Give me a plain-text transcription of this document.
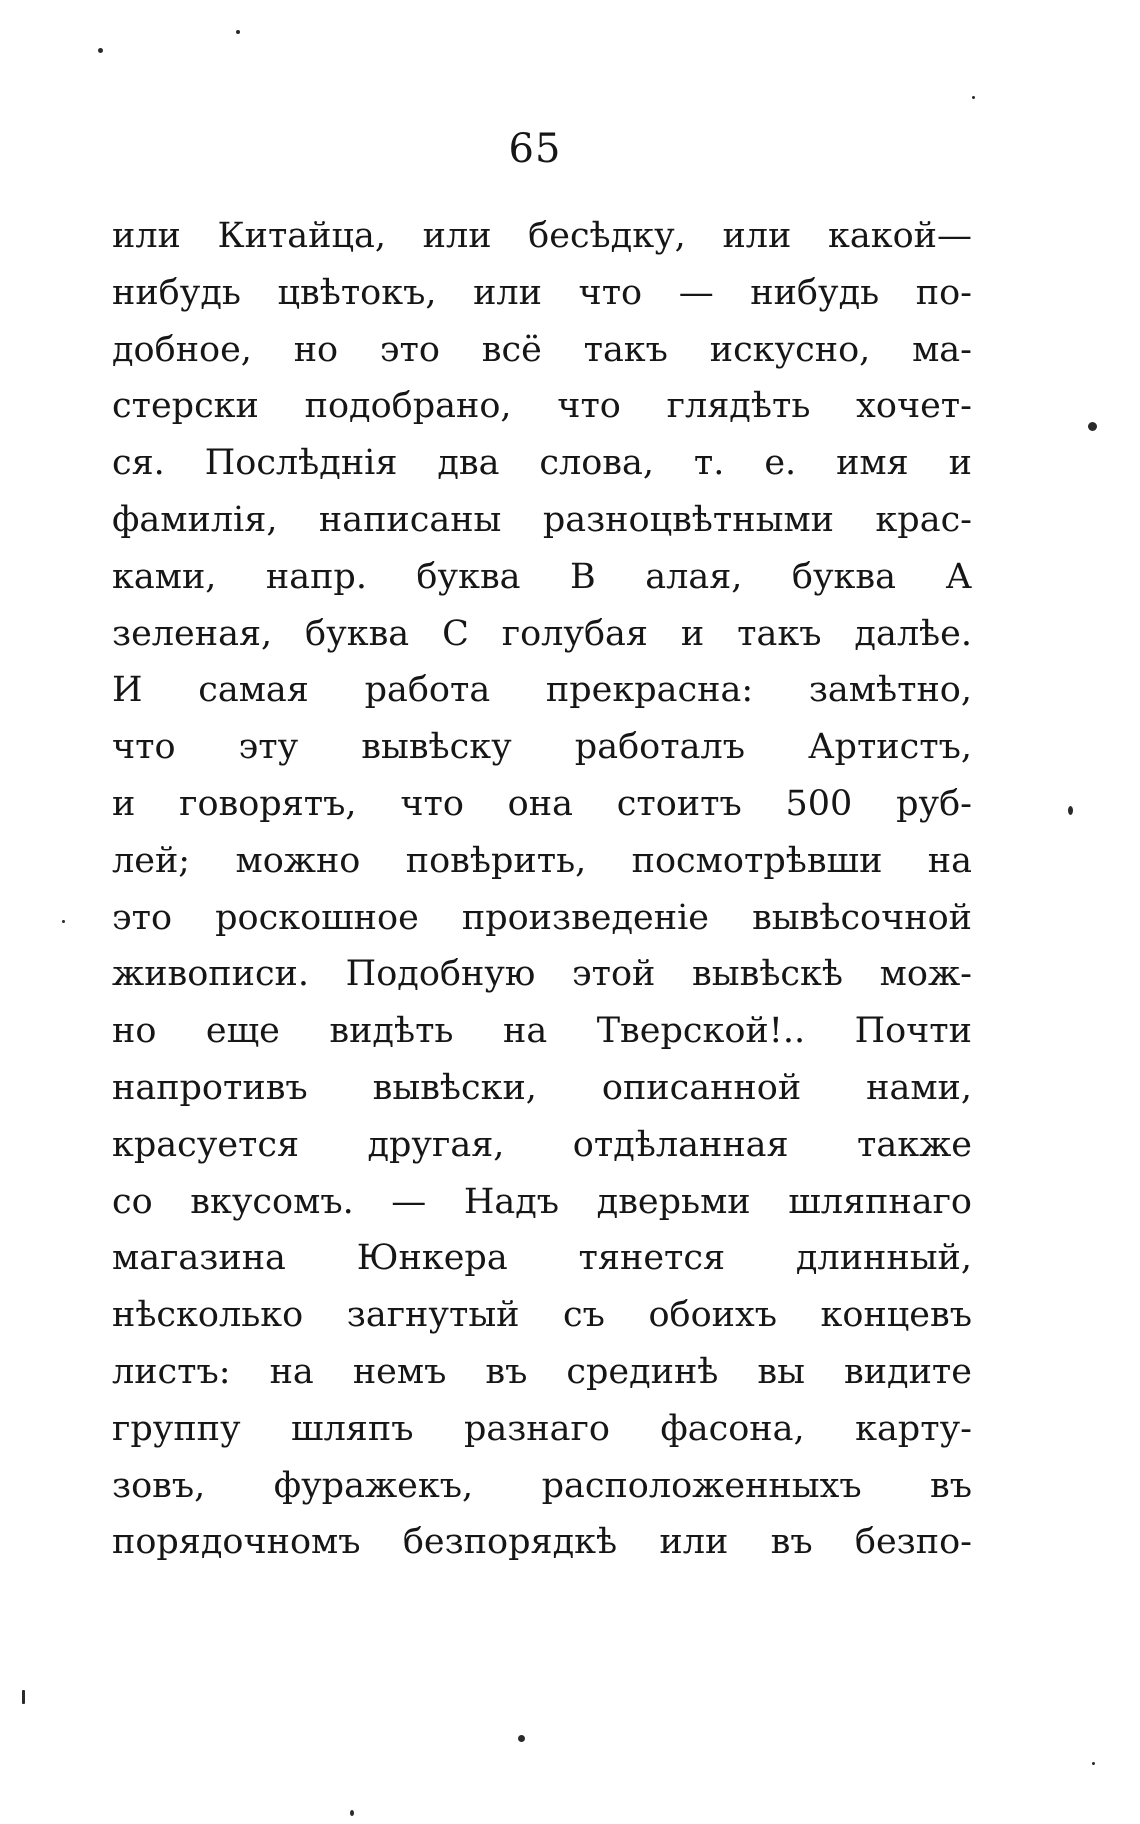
65
или Китайца, или бесѣдку, или какой—
нибудь цвѣтокъ, или что — нибудь по-
добное, но это всё такъ искусно, ма-
стерски подобрано, что глядѣть хочет-
ся. Послѣднія два слова, т. е. имя и
фамилія, написаны разноцвѣтными крас-
ками, напр. буква В алая, буква А
зеленая, буква С голубая и такъ далѣе.
И самая работа прекрасна: замѣтно,
что эту вывѣску работалъ Артистъ,
и говорятъ, что она стоитъ 500 руб-
лей; можно повѣрить, посмотрѣвши на
это роскошное произведеніе вывѣсочной
живописи. Подобную этой вывѣскѣ мож-
но еще видѣть на Тверской!.. Почти
напротивъ вывѣски, описанной нами,
красуется другая, отдѣланная также
со вкусомъ. — Надъ дверьми шляпнаго
магазина Юнкера тянется длинный,
нѣсколько загнутый съ обоихъ концевъ
листъ: на немъ въ срединѣ вы видите
группу шляпъ разнаго фасона, карту-
зовъ, фуражекъ, расположенныхъ въ
порядочномъ безпорядкѣ или въ безпо-
